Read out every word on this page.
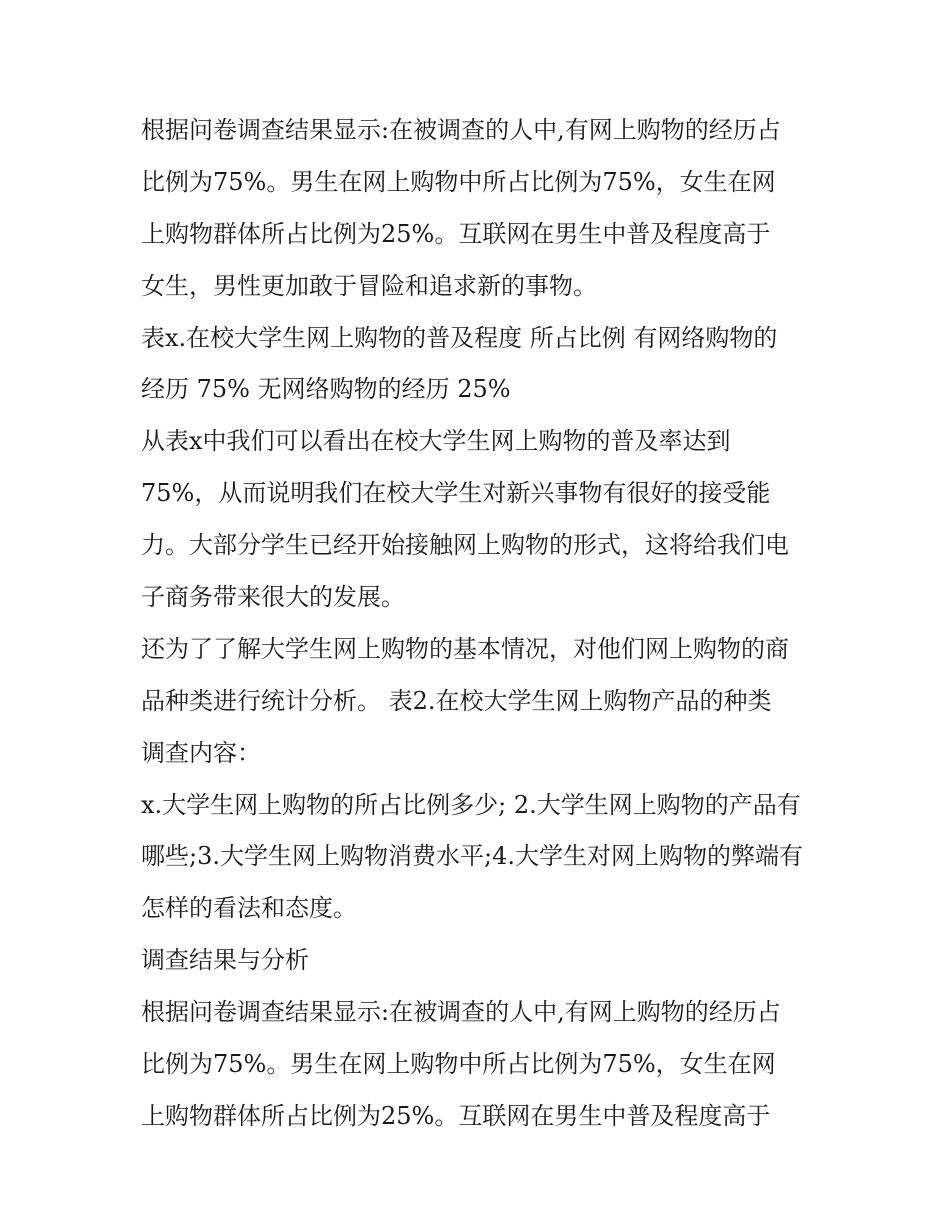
根据问卷调查结果显示:在被调查的人中,有网上购物的经历占
比例为75%。男生在网上购物中所占比例为75%，女生在网
上购物群体所占比例为25%。互联网在男生中普及程度高于
女生，男性更加敢于冒险和追求新的事物。
表x.在校大学生网上购物的普及程度 所占比例 有网络购物的
经历 75% 无网络购物的经历 25%
从表x中我们可以看出在校大学生网上购物的普及率达到
75%，从而说明我们在校大学生对新兴事物有很好的接受能
力。大部分学生已经开始接触网上购物的形式，这将给我们电
子商务带来很大的发展。
还为了了解大学生网上购物的基本情况，对他们网上购物的商
品种类进行统计分析。 表2.在校大学生网上购物产品的种类
调查内容：
x.大学生网上购物的所占比例多少; 2.大学生网上购物的产品有
哪些;3.大学生网上购物消费水平;4.大学生对网上购物的弊端有
怎样的看法和态度。
调查结果与分析
根据问卷调查结果显示:在被调查的人中,有网上购物的经历占
比例为75%。男生在网上购物中所占比例为75%，女生在网
上购物群体所占比例为25%。互联网在男生中普及程度高于
